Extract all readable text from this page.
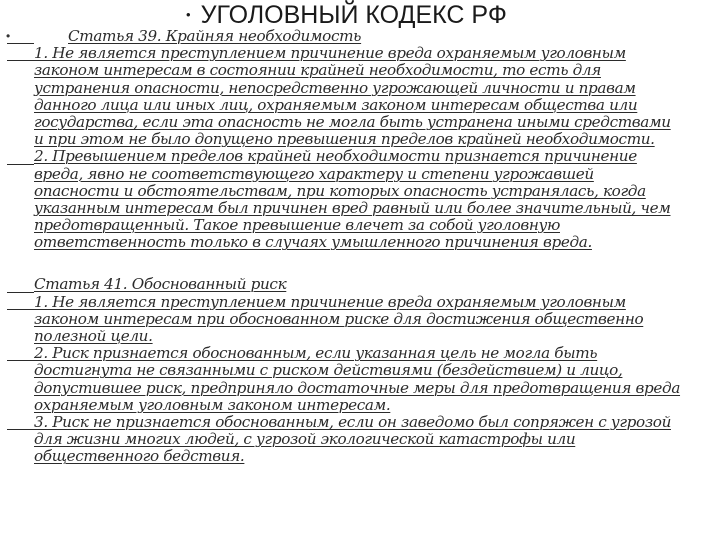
• УГОЛОВНЫЙ КОДЕКС РФ
•	Статья 39. Крайняя необходимость
1. Не является преступлением причинение вреда охраняемым уголовным
законом интересам в состоянии крайней необходимости, то есть для
устранения опасности, непосредственно угрожающей личности и правам
данного лица или иных лиц, охраняемым законом интересам общества или
государства, если эта опасность не могла быть устранена иными средствами
и при этом не было допущено превышения пределов крайней необходимости.
2. Превышением пределов крайней необходимости признается причинение
вреда, явно не соответствующего характеру и степени угрожавшей
опасности и обстоятельствам, при которых опасность устранялась, когда
указанным интересам был причинен вред равный или более значительный, чем
предотвращенный. Такое превышение влечет за собой уголовную
ответственность только в случаях умышленного причинения вреда.
Статья 41. Обоснованный риск
1. Не является преступлением причинение вреда охраняемым уголовным
законом интересам при обоснованном риске для достижения общественно
полезной цели.
2. Риск признается обоснованным, если указанная цель не могла быть
достигнута не связанными с риском действиями (бездействием) и лицо,
допустившее риск, предприняло достаточные меры для предотвращения вреда
охраняемым уголовным законом интересам.
3. Риск не признается обоснованным, если он заведомо был сопряжен с угрозой
для жизни многих людей, с угрозой экологической катастрофы или
общественного бедствия.
